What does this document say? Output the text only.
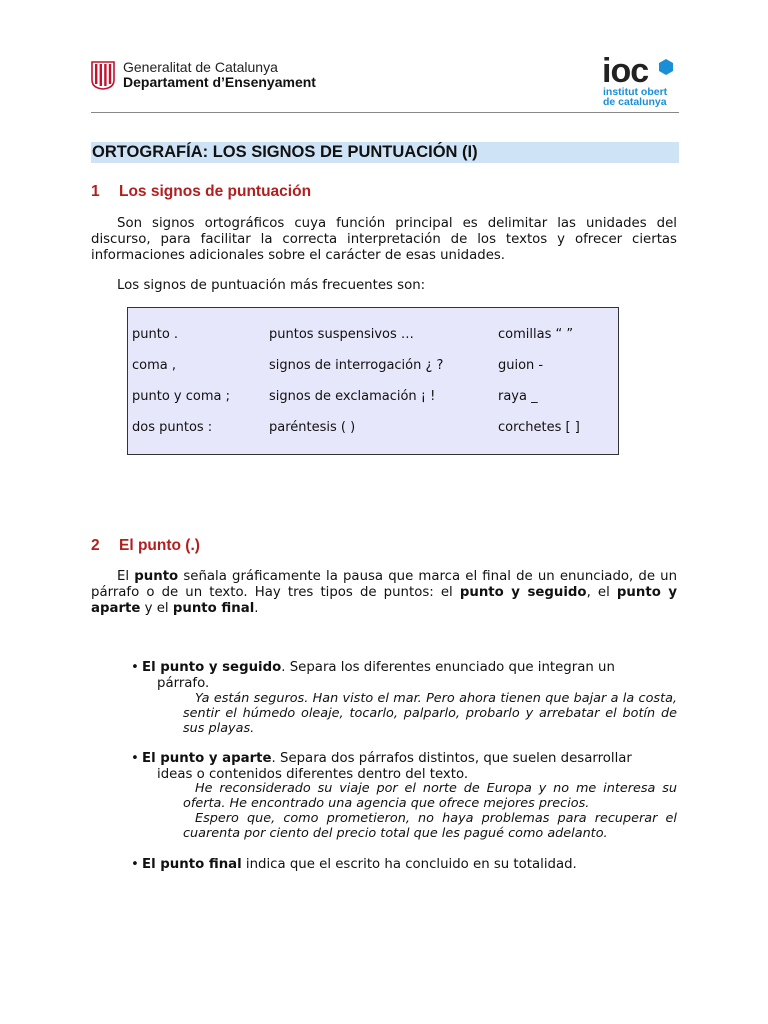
Generalitat de Catalunya
Departament d’Ensenyament	ioc
institut obert
de catalunya
ORTOGRAFÍA: LOS SIGNOS DE PUNTUACIÓN (I)
1 Los signos de puntuación
Son signos ortográficos cuya función principal es delimitar las unidades del discurso, para facilitar la correcta interpretación de los textos y ofrecer ciertas informaciones adicionales sobre el carácter de esas unidades.
Los signos de puntuación más frecuentes son:
punto .	puntos suspensivos …	comillas “ ”
coma ,	signos de interrogación ¿ ?	guion -
punto y coma ;	signos de exclamación ¡ !	raya _
dos puntos :	paréntesis ( )	corchetes [ ]
2 El punto (.)
El punto señala gráficamente la pausa que marca el final de un enunciado, de un párrafo o de un texto. Hay tres tipos de puntos: el punto y seguido, el punto y aparte y el punto final.
• El punto y seguido. Separa los diferentes enunciado que integran un
párrafo.
Ya están seguros. Han visto el mar. Pero ahora tienen que bajar a la costa, sentir el húmedo oleaje, tocarlo, palparlo, probarlo y arrebatar el botín de sus playas.
• El punto y aparte. Separa dos párrafos distintos, que suelen desarrollar
ideas o contenidos diferentes dentro del texto.
He reconsiderado su viaje por el norte de Europa y no me interesa su oferta. He encontrado una agencia que ofrece mejores precios.
Espero que, como prometieron, no haya problemas para recuperar el cuarenta por ciento del precio total que les pagué como adelanto.
• El punto final indica que el escrito ha concluido en su totalidad.
